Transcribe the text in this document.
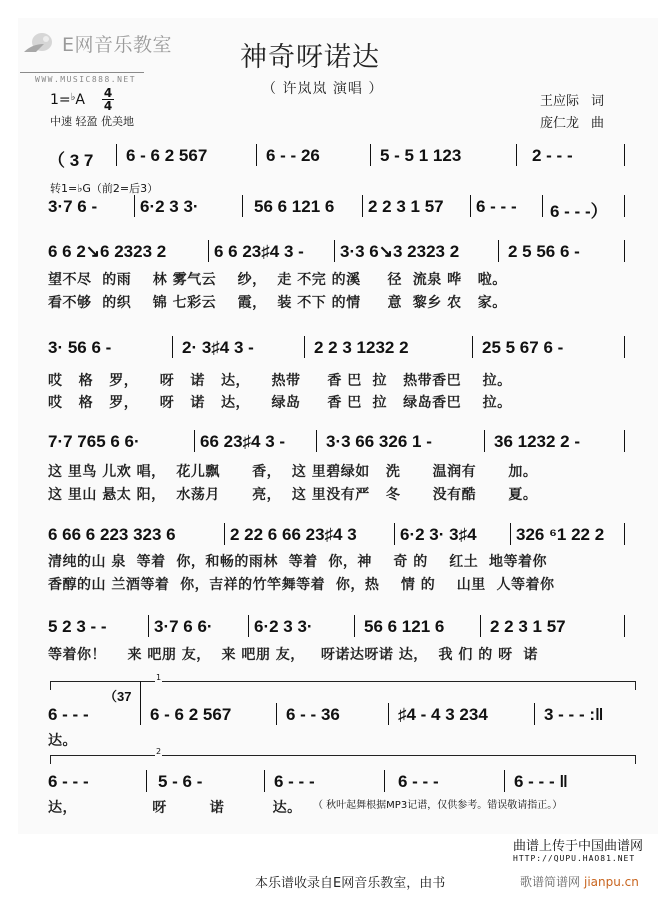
E网音乐教室
WWW.MUSIC888.NET
神奇呀诺达
（ 许岚岚 演唱 ）
1=♭A 4
4
中速 轻盈 优美地
王应际 词
庞仁龙 曲
（ 3 7 6 - 6 2 567	6 - - 26	5 - 5 1 123	2 - - -
转1=♭G（前2=后3）
3·7 6 -	6·2 3 3·	56 6 121 6 2 2 3 1 57 6 - - - 6 - - -）
6 6 2↘6 2323 2	6 6 23♯4 3 - 3·3 6↘3 2323 2	2 5 56 6 -
望不尽  的雨    林 雾气云    纱，  走 不完 的溪     径  流泉 哗   啦。
看不够  的织    锦 七彩云    霞，  装 不下 的情     意  黎乡 农   家。
3· 56 6 -	2· 3♯4 3 -	2 2 3 1232 2	25 5 67 6 -
哎   格   罗，    呀   诺   达，    热带     香 巴  拉   热带香巴    拉。
哎   格   罗，    呀   诺   达，    绿岛     香 巴  拉   绿岛香巴    拉。
7·7 765 6 6·	66 23♯4 3 - 3·3 66 326 1 -	36 1232 2 -
这 里鸟 儿欢 唱，  花儿飘      香，  这 里碧绿如   洗      温润有      加。
这 里山 悬太 阳，  水荡月      亮，  这 里没有严   冬      没有酷      夏。
6 66 6 223 323 6	2 22 6 66 23♯4 3	6·2 3· 3♯4 326 ⁶1 22 2
清纯的山 泉  等着  你，和畅的雨林  等着  你，神    奇 的    红土  地等着你
香醇的山 兰酒等着  你，吉祥的竹竿舞等着  你，热    情 的    山里  人等着你
5 2 3 - -	3·7 6 6· 6·2 3 3·	56 6 121 6	2 2 3 1 57
等着你！    来 吧朋 友，  来 吧朋 友，   呀诺达呀诺 达，  我 们 的 呀  诺
1
（37
6 - - -	6 - 6 2 567	6 - - 36	♯4 - 4 3 234	3 - - - :‖
达。
2
6 - - -	5 - 6 -	6 - - -	6 - - -	6 - - - ‖
达，              呀        诺         达。 （ 秋叶起舞根据MP3记谱，仅供参考。错误敬请指正。）
曲谱上传于中国曲谱网
HTTP://QUPU.HAO81.NET
本乐谱收录自E网音乐教室，由书	歌谱简谱网 jianpu.cn
